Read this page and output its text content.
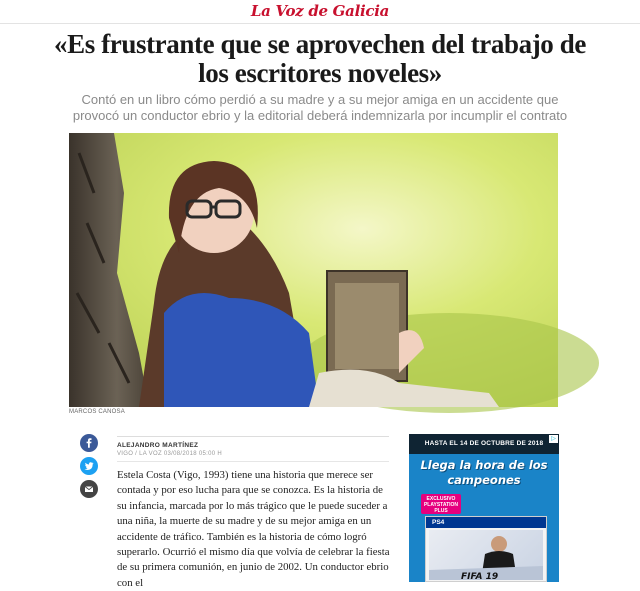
La Voz de Galicia
«Es frustrante que se aprovechen del trabajo de los escritores noveles»

Contó en un libro cómo perdió a su madre y a su mejor amiga en un accidente que provocó un conductor ebrio y la editorial deberá indemnizarla por incumplir el contrato

MARCOS CANOSA
ALEJANDRO MARTÍNEZ
VIGO / LA VOZ 03/08/2018 05:00 H

Estela Costa (Vigo, 1993) tiene una historia que merece ser contada y por eso lucha para que se conozca. Es la historia de su infancia, marcada por lo más trágico que le puede suceder a una niña, la muerte de su madre y de su mejor amiga en un accidente de tráfico. También es la historia de cómo logró superarlo. Ocurrió el mismo día que volvía de celebrar la fiesta de su primera comunión, en junio de 2002. Un conductor ebrio con el

HASTA EL 14 DE OCTUBRE DE 2018
▷
Llega la hora de los campeones
EXCLUSIVO PLAYSTATION PLUS
PS4
FIFA 19
